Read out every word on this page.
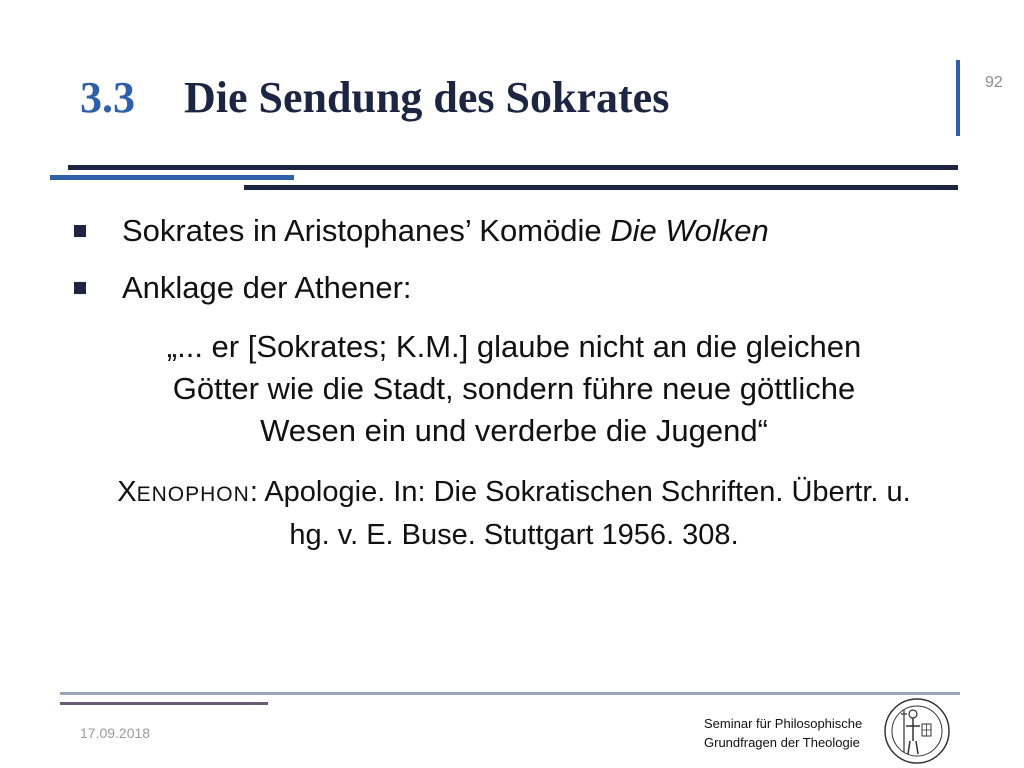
3.3 Die Sendung des Sokrates	92
Sokrates in Aristophanes’ Komödie Die Wolken
Anklage der Athener:
„... er [Sokrates; K.M.] glaube nicht an die gleichen
Götter wie die Stadt, sondern führe neue göttliche
Wesen ein und verderbe die Jugend“
XENOPHON: Apologie. In: Die Sokratischen Schriften. Übertr. u.
hg. v. E. Buse. Stuttgart 1956. 308.
17.09.2018
Seminar für Philosophische
Grundfragen der Theologie
